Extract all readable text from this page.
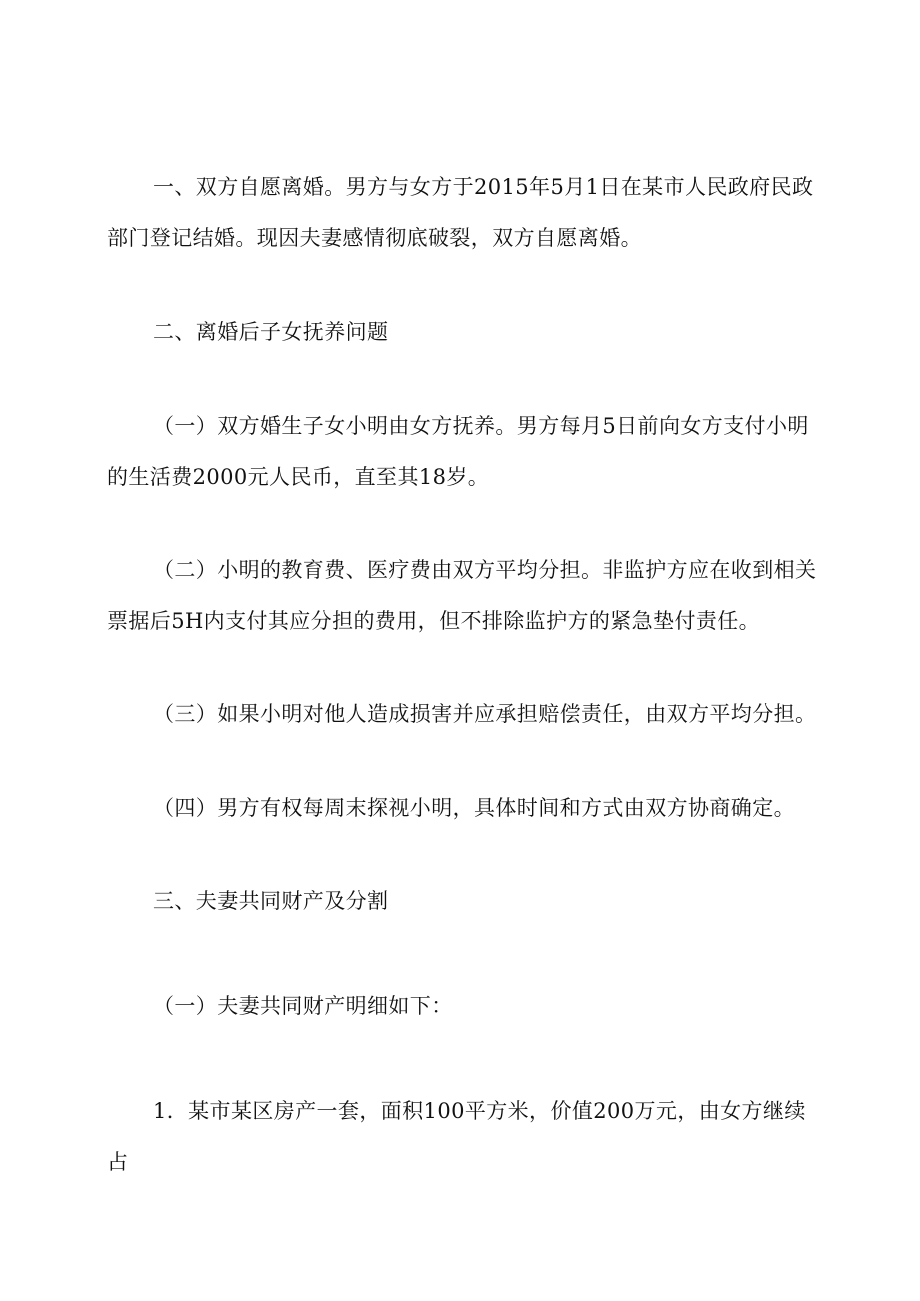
一、双方自愿离婚。男方与女方于2015年5月1日在某市人民政府民政部门登记结婚。现因夫妻感情彻底破裂，双方自愿离婚。

二、离婚后子女抚养问题

（一）双方婚生子女小明由女方抚养。男方每月5日前向女方支付小明的生活费2000元人民币，直至其18岁。

（二）小明的教育费、医疗费由双方平均分担。非监护方应在收到相关票据后5H内支付其应分担的费用，但不排除监护方的紧急垫付责任。

（三）如果小明对他人造成损害并应承担赔偿责任，由双方平均分担。

（四）男方有权每周末探视小明，具体时间和方式由双方协商确定。

三、夫妻共同财产及分割

（一）夫妻共同财产明细如下：

1．某市某区房产一套，面积100平方米，价值200万元，由女方继续占
